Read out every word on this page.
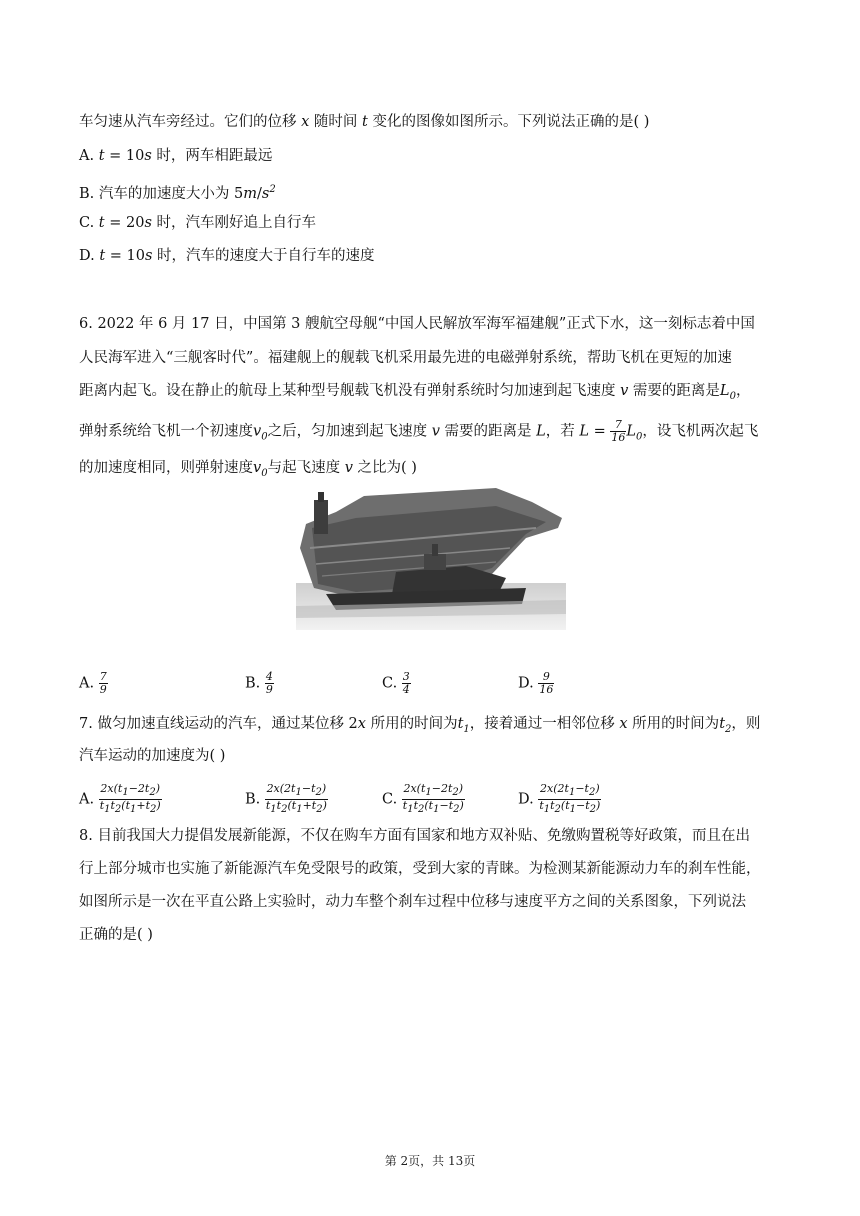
车匀速从汽车旁经过。它们的位移 x 随时间 t 变化的图像如图所示。下列说法正确的是( )
A. t = 10s 时，两车相距最远
B. 汽车的加速度大小为 $5m/s^2$
C. t = 20s 时，汽车刚好追上自行车
D. t = 10s 时，汽车的速度大于自行车的速度
6. 2022 年 6 月 17 日，中国第 3 艘航空母舰“中国人民解放军海军福建舰”正式下水，这一刻标志着中国
人民海军进入“三舰客时代”。福建舰上的舰载飞机采用最先进的电磁弹射系统，帮助飞机在更短的加速
距离内起飞。设在静止的航母上某种型号舰载飞机没有弹射系统时匀加速到起飞速度 v 需要的距离是$L_0$，
弹射系统给飞机一个初速度$v_0$之后，匀加速到起飞速度 v 需要的距离是 L，若 $L = \frac{7}{16} L_0$，设飞机两次起飞
的加速度相同，则弹射速度$v_0$与起飞速度 v 之比为( )
A. $\frac{7}{9}$	B. $\frac{4}{9}$	C. $\frac{3}{4}$	D. $\frac{9}{16}$
7. 做匀加速直线运动的汽车，通过某位移 2x 所用的时间为$t_1$，接着通过一相邻位移 x 所用的时间为$t_2$，则
汽车运动的加速度为( )
A. $\frac{2x(t_1-2t_2)}{t_1t_2(t_1+t_2)}$	B. $\frac{2x(2t_1-t_2)}{t_1t_2(t_1+t_2)}$	C. $\frac{2x(t_1-2t_2)}{t_1t_2(t_1-t_2)}$	D. $\frac{2x(2t_1-t_2)}{t_1t_2(t_1-t_2)}$
8. 目前我国大力提倡发展新能源，不仅在购车方面有国家和地方双补贴、免缴购置税等好政策，而且在出
行上部分城市也实施了新能源汽车免受限号的政策，受到大家的青睐。为检测某新能源动力车的刹车性能，
如图所示是一次在平直公路上实验时，动力车整个刹车过程中位移与速度平方之间的关系图象，下列说法
正确的是( )
第 2页，共 13页
